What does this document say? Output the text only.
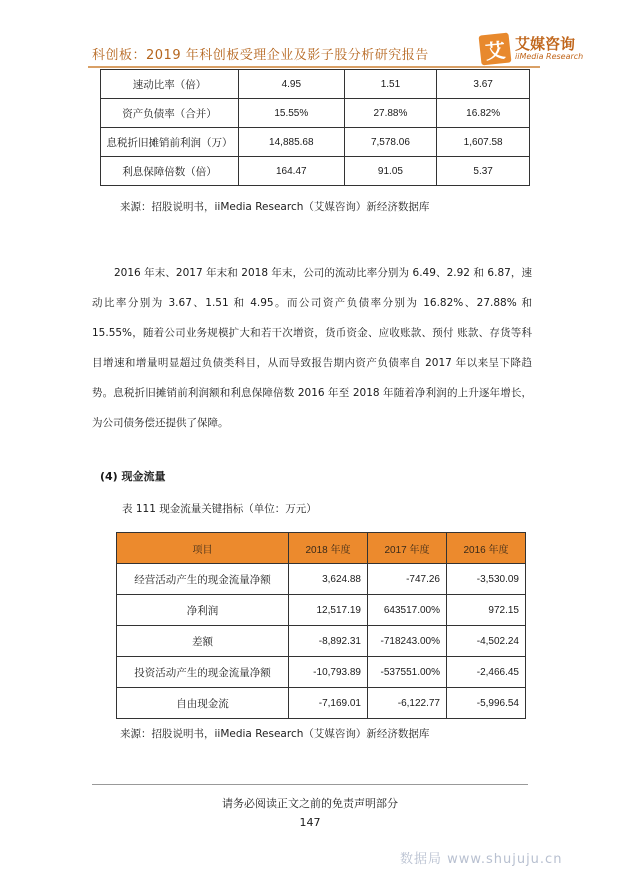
科创板：2019 年科创板受理企业及影子股分析研究报告	艾 艾媒咨询
iiMedia Research
速动比率（倍）	4.95	1.51	3.67
资产负债率（合并）	15.55%	27.88%	16.82%
息税折旧摊销前利润（万）	14,885.68	7,578.06	1,607.58
利息保障倍数（倍）	164.47	91.05	5.37
来源：招股说明书，iiMedia Research（艾媒咨询）新经济数据库

2016 年末、2017 年末和 2018 年末，公司的流动比率分别为 6.49、2.92 和 6.87，速动比率分别为 3.67、1.51 和 4.95。而公司资产负债率分别为 16.82%、27.88% 和 15.55%，随着公司业务规模扩大和若干次增资，货币资金、应收账款、预付 账款、存货等科目增速和增量明显超过负债类科目，从而导致报告期内资产负债率自 2017 年以来呈下降趋势。息税折旧摊销前利润额和利息保障倍数 2016 年至 2018 年随着净利润的上升逐年增长，为公司债务偿还提供了保障。

(4) 现金流量
表 111 现金流量关键指标（单位：万元）
项目	2018 年度	2017 年度	2016 年度
经营活动产生的现金流量净额	3,624.88	-747.26	-3,530.09
净利润	12,517.19	643517.00%	972.15
差额	-8,892.31	-718243.00%	-4,502.24
投资活动产生的现金流量净额	-10,793.89	-537551.00%	-2,466.45
自由现金流	-7,169.01	-6,122.77	-5,996.54
来源：招股说明书，iiMedia Research（艾媒咨询）新经济数据库
请务必阅读正文之前的免责声明部分
147
数据局 www.shujuju.cn
